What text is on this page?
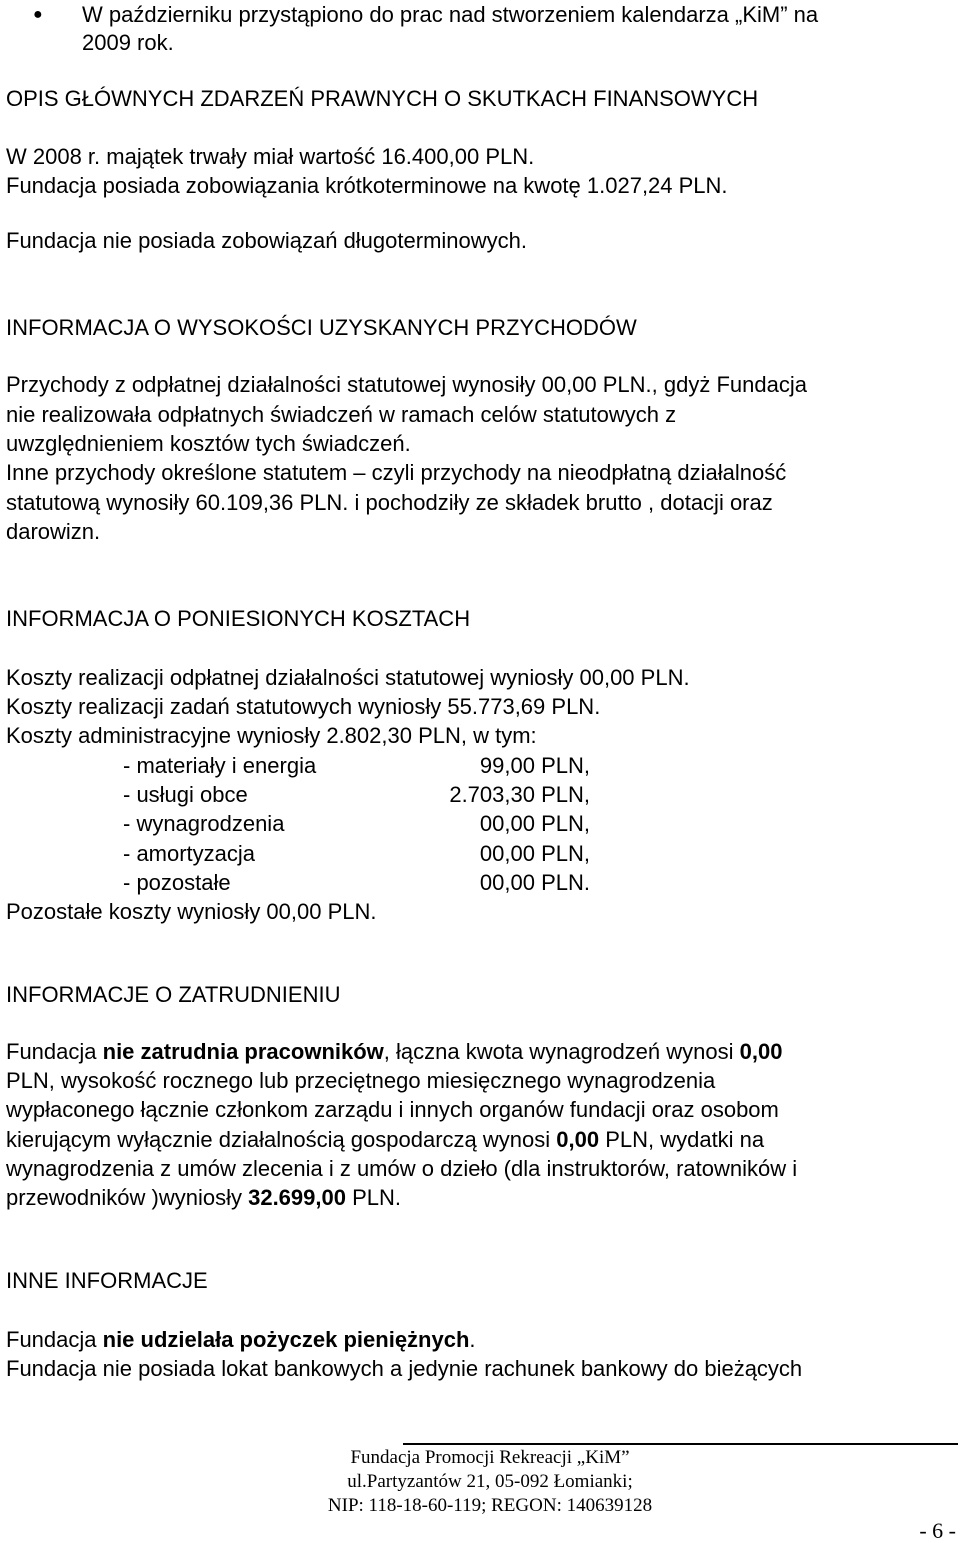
● W październiku przystąpiono do prac nad stworzeniem kalendarza „KiM” na
2009 rok.
OPIS GŁÓWNYCH ZDARZEŃ PRAWNYCH O SKUTKACH FINANSOWYCH
W 2008 r. majątek trwały miał wartość 16.400,00 PLN.
Fundacja posiada zobowiązania krótkoterminowe na kwotę 1.027,24 PLN.
Fundacja nie posiada zobowiązań długoterminowych.
INFORMACJA O WYSOKOŚCI UZYSKANYCH PRZYCHODÓW
Przychody z odpłatnej działalności statutowej wynosiły 00,00 PLN., gdyż Fundacja
nie realizowała odpłatnych świadczeń w ramach celów statutowych z
uwzględnieniem kosztów tych świadczeń.
Inne przychody określone statutem – czyli przychody na nieodpłatną działalność
statutową wynosiły 60.109,36 PLN. i pochodziły ze składek brutto , dotacji oraz
darowizn.
INFORMACJA O PONIESIONYCH KOSZTACH
Koszty realizacji odpłatnej działalności statutowej wyniosły 00,00 PLN.
Koszty realizacji zadań statutowych wyniosły 55.773,69 PLN.
Koszty administracyjne wyniosły 2.802,30 PLN, w tym:
- materiały i energia	99,00 PLN,
- usługi obce	2.703,30 PLN,
- wynagrodzenia	00,00 PLN,
- amortyzacja	00,00 PLN,
- pozostałe	00,00 PLN.
Pozostałe koszty wyniosły 00,00 PLN.
INFORMACJE O ZATRUDNIENIU
Fundacja nie zatrudnia pracowników, łączna kwota wynagrodzeń wynosi 0,00
PLN, wysokość rocznego lub przeciętnego miesięcznego wynagrodzenia
wypłaconego łącznie członkom zarządu i innych organów fundacji oraz osobom
kierującym wyłącznie działalnością gospodarczą wynosi 0,00 PLN, wydatki na
wynagrodzenia z umów zlecenia i z umów o dzieło (dla instruktorów, ratowników i
przewodników )wyniosły 32.699,00 PLN.
INNE INFORMACJE
Fundacja nie udzielała pożyczek pieniężnych.
Fundacja nie posiada lokat bankowych a jedynie rachunek bankowy do bieżących
Fundacja Promocji Rekreacji „KiM”
ul.Partyzantów 21, 05-092 Łomianki;
NIP: 118-18-60-119; REGON: 140639128
- 6 -
